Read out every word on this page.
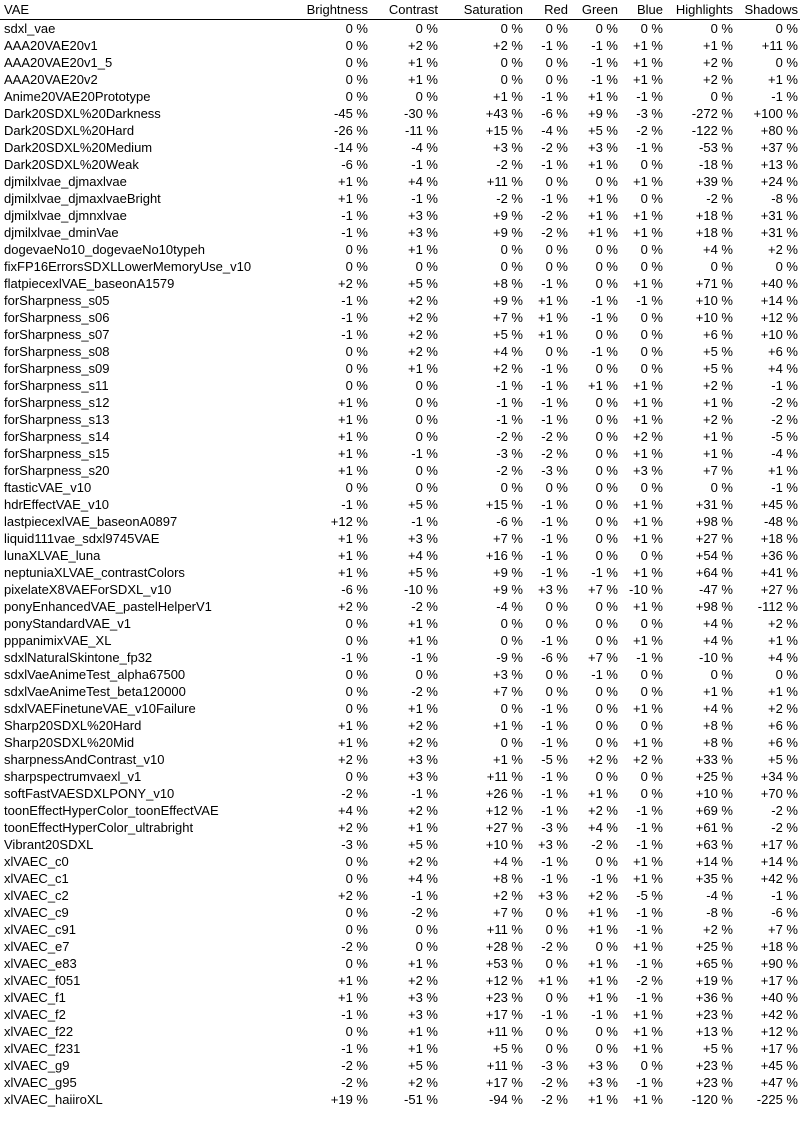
VAE	Brightness	Contrast	Saturation	Red	Green	Blue	Highlights	Shadows
sdxl_vae	0 %	0 %	0 %	0 %	0 %	0 %	0 %	0 %
AAA20VAE20v1	0 %	+2 %	+2 %	-1 %	-1 %	+1 %	+1 %	+11 %
AAA20VAE20v1_5	0 %	+1 %	0 %	0 %	-1 %	+1 %	+2 %	0 %
AAA20VAE20v2	0 %	+1 %	0 %	0 %	-1 %	+1 %	+2 %	+1 %
Anime20VAE20Prototype	0 %	0 %	+1 %	-1 %	+1 %	-1 %	0 %	-1 %
Dark20SDXL%20Darkness	-45 %	-30 %	+43 %	-6 %	+9 %	-3 %	-272 %	+100 %
Dark20SDXL%20Hard	-26 %	-11 %	+15 %	-4 %	+5 %	-2 %	-122 %	+80 %
Dark20SDXL%20Medium	-14 %	-4 %	+3 %	-2 %	+3 %	-1 %	-53 %	+37 %
Dark20SDXL%20Weak	-6 %	-1 %	-2 %	-1 %	+1 %	0 %	-18 %	+13 %
djmilxlvae_djmaxlvae	+1 %	+4 %	+11 %	0 %	0 %	+1 %	+39 %	+24 %
djmilxlvae_djmaxlvaeBright	+1 %	-1 %	-2 %	-1 %	+1 %	0 %	-2 %	-8 %
djmilxlvae_djmnxlvae	-1 %	+3 %	+9 %	-2 %	+1 %	+1 %	+18 %	+31 %
djmilxlvae_dminVae	-1 %	+3 %	+9 %	-2 %	+1 %	+1 %	+18 %	+31 %
dogevaeNo10_dogevaeNo10typeh	0 %	+1 %	0 %	0 %	0 %	0 %	+4 %	+2 %
fixFP16ErrorsSDXLLowerMemoryUse_v10	0 %	0 %	0 %	0 %	0 %	0 %	0 %	0 %
flatpiecexlVAE_baseonA1579	+2 %	+5 %	+8 %	-1 %	0 %	+1 %	+71 %	+40 %
forSharpness_s05	-1 %	+2 %	+9 %	+1 %	-1 %	-1 %	+10 %	+14 %
forSharpness_s06	-1 %	+2 %	+7 %	+1 %	-1 %	0 %	+10 %	+12 %
forSharpness_s07	-1 %	+2 %	+5 %	+1 %	0 %	0 %	+6 %	+10 %
forSharpness_s08	0 %	+2 %	+4 %	0 %	-1 %	0 %	+5 %	+6 %
forSharpness_s09	0 %	+1 %	+2 %	-1 %	0 %	0 %	+5 %	+4 %
forSharpness_s11	0 %	0 %	-1 %	-1 %	+1 %	+1 %	+2 %	-1 %
forSharpness_s12	+1 %	0 %	-1 %	-1 %	0 %	+1 %	+1 %	-2 %
forSharpness_s13	+1 %	0 %	-1 %	-1 %	0 %	+1 %	+2 %	-2 %
forSharpness_s14	+1 %	0 %	-2 %	-2 %	0 %	+2 %	+1 %	-5 %
forSharpness_s15	+1 %	-1 %	-3 %	-2 %	0 %	+1 %	+1 %	-4 %
forSharpness_s20	+1 %	0 %	-2 %	-3 %	0 %	+3 %	+7 %	+1 %
ftasticVAE_v10	0 %	0 %	0 %	0 %	0 %	0 %	0 %	-1 %
hdrEffectVAE_v10	-1 %	+5 %	+15 %	-1 %	0 %	+1 %	+31 %	+45 %
lastpiecexlVAE_baseonA0897	+12 %	-1 %	-6 %	-1 %	0 %	+1 %	+98 %	-48 %
liquid111vae_sdxl9745VAE	+1 %	+3 %	+7 %	-1 %	0 %	+1 %	+27 %	+18 %
lunaXLVAE_luna	+1 %	+4 %	+16 %	-1 %	0 %	0 %	+54 %	+36 %
neptuniaXLVAE_contrastColors	+1 %	+5 %	+9 %	-1 %	-1 %	+1 %	+64 %	+41 %
pixelateX8VAEForSDXL_v10	-6 %	-10 %	+9 %	+3 %	+7 %	-10 %	-47 %	+27 %
ponyEnhancedVAE_pastelHelperV1	+2 %	-2 %	-4 %	0 %	0 %	+1 %	+98 %	-112 %
ponyStandardVAE_v1	0 %	+1 %	0 %	0 %	0 %	0 %	+4 %	+2 %
pppanimixVAE_XL	0 %	+1 %	0 %	-1 %	0 %	+1 %	+4 %	+1 %
sdxlNaturalSkintone_fp32	-1 %	-1 %	-9 %	-6 %	+7 %	-1 %	-10 %	+4 %
sdxlVaeAnimeTest_alpha67500	0 %	0 %	+3 %	0 %	-1 %	0 %	0 %	0 %
sdxlVaeAnimeTest_beta120000	0 %	-2 %	+7 %	0 %	0 %	0 %	+1 %	+1 %
sdxlVAEFinetuneVAE_v10Failure	0 %	+1 %	0 %	-1 %	0 %	+1 %	+4 %	+2 %
Sharp20SDXL%20Hard	+1 %	+2 %	+1 %	-1 %	0 %	0 %	+8 %	+6 %
Sharp20SDXL%20Mid	+1 %	+2 %	0 %	-1 %	0 %	+1 %	+8 %	+6 %
sharpnessAndContrast_v10	+2 %	+3 %	+1 %	-5 %	+2 %	+2 %	+33 %	+5 %
sharpspectrumvaexl_v1	0 %	+3 %	+11 %	-1 %	0 %	0 %	+25 %	+34 %
softFastVAESDXLPONY_v10	-2 %	-1 %	+26 %	-1 %	+1 %	0 %	+10 %	+70 %
toonEffectHyperColor_toonEffectVAE	+4 %	+2 %	+12 %	-1 %	+2 %	-1 %	+69 %	-2 %
toonEffectHyperColor_ultrabright	+2 %	+1 %	+27 %	-3 %	+4 %	-1 %	+61 %	-2 %
Vibrant20SDXL	-3 %	+5 %	+10 %	+3 %	-2 %	-1 %	+63 %	+17 %
xlVAEC_c0	0 %	+2 %	+4 %	-1 %	0 %	+1 %	+14 %	+14 %
xlVAEC_c1	0 %	+4 %	+8 %	-1 %	-1 %	+1 %	+35 %	+42 %
xlVAEC_c2	+2 %	-1 %	+2 %	+3 %	+2 %	-5 %	-4 %	-1 %
xlVAEC_c9	0 %	-2 %	+7 %	0 %	+1 %	-1 %	-8 %	-6 %
xlVAEC_c91	0 %	0 %	+11 %	0 %	+1 %	-1 %	+2 %	+7 %
xlVAEC_e7	-2 %	0 %	+28 %	-2 %	0 %	+1 %	+25 %	+18 %
xlVAEC_e83	0 %	+1 %	+53 %	0 %	+1 %	-1 %	+65 %	+90 %
xlVAEC_f051	+1 %	+2 %	+12 %	+1 %	+1 %	-2 %	+19 %	+17 %
xlVAEC_f1	+1 %	+3 %	+23 %	0 %	+1 %	-1 %	+36 %	+40 %
xlVAEC_f2	-1 %	+3 %	+17 %	-1 %	-1 %	+1 %	+23 %	+42 %
xlVAEC_f22	0 %	+1 %	+11 %	0 %	0 %	+1 %	+13 %	+12 %
xlVAEC_f231	-1 %	+1 %	+5 %	0 %	0 %	+1 %	+5 %	+17 %
xlVAEC_g9	-2 %	+5 %	+11 %	-3 %	+3 %	0 %	+23 %	+45 %
xlVAEC_g95	-2 %	+2 %	+17 %	-2 %	+3 %	-1 %	+23 %	+47 %
xlVAEC_haiiroXL	+19 %	-51 %	-94 %	-2 %	+1 %	+1 %	-120 %	-225 %
